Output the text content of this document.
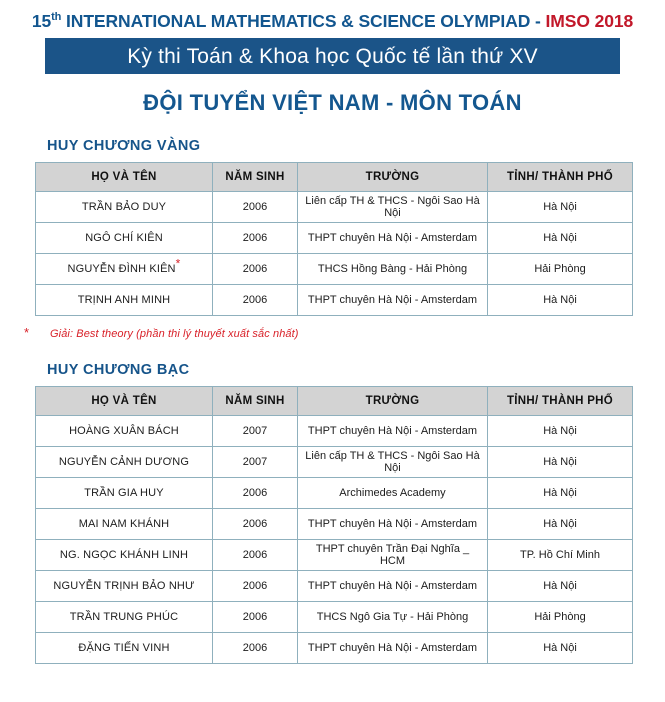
15th INTERNATIONAL MATHEMATICS & SCIENCE OLYMPIAD - IMSO 2018
Kỳ thi Toán & Khoa học Quốc tế lần thứ XV
ĐỘI TUYỂN VIỆT NAM - MÔN TOÁN
HUY CHƯƠNG VÀNG
HỌ VÀ TÊN	NĂM SINH	TRƯỜNG	TỈNH/ THÀNH PHỐ
TRẦN BẢO DUY	2006	Liên cấp TH & THCS - Ngôi Sao Hà Nội	Hà Nội
NGÔ CHÍ KIÊN	2006	THPT chuyên Hà Nội - Amsterdam	Hà Nội
NGUYỄN ĐÌNH KIÊN*	2006	THCS Hồng Bàng - Hải Phòng	Hải Phòng
TRỊNH ANH MINH	2006	THPT chuyên Hà Nội - Amsterdam	Hà Nội
*	Giải: Best theory (phần thi lý thuyết xuất sắc nhất)
HUY CHƯƠNG BẠC
HỌ VÀ TÊN	NĂM SINH	TRƯỜNG	TỈNH/ THÀNH PHỐ
HOÀNG XUÂN BÁCH	2007	THPT chuyên Hà Nội - Amsterdam	Hà Nội
NGUYỄN CẢNH DƯƠNG	2007	Liên cấp TH & THCS - Ngôi Sao Hà Nội	Hà Nội
TRẦN GIA HUY	2006	Archimedes Academy	Hà Nội
MAI NAM KHÁNH	2006	THPT chuyên Hà Nội - Amsterdam	Hà Nội
NG. NGỌC KHÁNH LINH	2006	THPT chuyên Trần Đại Nghĩa _ HCM	TP. Hồ Chí Minh
NGUYỄN TRỊNH BẢO NHƯ	2006	THPT chuyên Hà Nội - Amsterdam	Hà Nội
TRẦN TRUNG PHÚC	2006	THCS Ngô Gia Tự - Hải Phòng	Hải Phòng
ĐẶNG TIẾN VINH	2006	THPT chuyên Hà Nội - Amsterdam	Hà Nội
